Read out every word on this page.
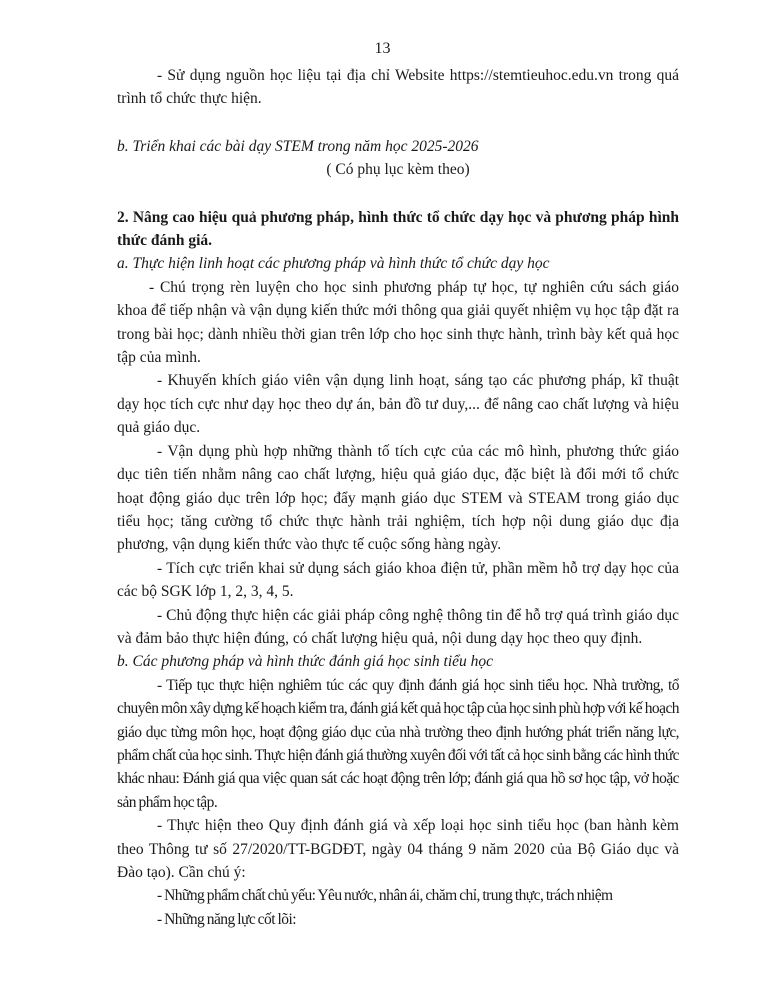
13

- Sử dụng nguồn học liệu tại địa chỉ Website https://stemtieuhoc.edu.vn trong quá trình tổ chức thực hiện.

b. Triển khai các bài dạy STEM trong năm học 2025-2026

( Có phụ lục kèm theo)

2. Nâng cao hiệu quả phương pháp, hình thức tổ chức dạy học và phương pháp hình thức đánh giá.

a. Thực hiện linh hoạt các phương pháp và hình thức tổ chức dạy học

- Chú trọng rèn luyện cho học sinh phương pháp tự học, tự nghiên cứu sách giáo khoa để tiếp nhận và vận dụng kiến thức mới thông qua giải quyết nhiệm vụ học tập đặt ra trong bài học; dành nhiều thời gian trên lớp cho học sinh thực hành, trình bày kết quả học tập của mình.

- Khuyến khích giáo viên vận dụng linh hoạt, sáng tạo các phương pháp, kĩ thuật dạy học tích cực như dạy học theo dự án, bản đồ tư duy,... để nâng cao chất lượng và hiệu quả giáo dục.

- Vận dụng phù hợp những thành tố tích cực của các mô hình, phương thức giáo dục tiên tiến nhằm nâng cao chất lượng, hiệu quả giáo dục, đặc biệt là đổi mới tổ chức hoạt động giáo dục trên lớp học; đẩy mạnh giáo dục STEM và STEAM trong giáo dục tiểu học; tăng cường tổ chức thực hành trải nghiệm, tích hợp nội dung giáo dục địa phương, vận dụng kiến thức vào thực tế cuộc sống hàng ngày.

- Tích cực triển khai sử dụng sách giáo khoa điện tử, phần mềm hỗ trợ dạy học của các bộ SGK lớp 1, 2, 3, 4, 5.

- Chủ động thực hiện các giải pháp công nghệ thông tin để hỗ trợ quá trình giáo dục và đảm bảo thực hiện đúng, có chất lượng hiệu quả, nội dung dạy học theo quy định.

b. Các phương pháp và hình thức đánh giá học sinh tiểu học

- Tiếp tục thực hiện nghiêm túc các quy định đánh giá học sinh tiểu học. Nhà trường, tổ chuyên môn xây dựng kế hoạch kiểm tra, đánh giá kết quả học tập của học sinh phù hợp với kế hoạch giáo dục từng môn học, hoạt động giáo dục của nhà trường theo định hướng phát triển năng lực, phẩm chất của học sinh. Thực hiện đánh giá thường xuyên đối với tất cả học sinh bằng các hình thức khác nhau: Đánh giá qua việc quan sát các hoạt động trên lớp; đánh giá qua hồ sơ học tập, vở hoặc sản phẩm học tập.

- Thực hiện theo Quy định đánh giá và xếp loại học sinh tiểu học (ban hành kèm theo Thông tư số 27/2020/TT-BGDĐT, ngày 04 tháng 9 năm 2020 của Bộ Giáo dục và Đào tạo). Cần chú ý:

- Những phẩm chất chủ yếu: Yêu nước, nhân ái, chăm chỉ, trung thực, trách nhiệm

- Những năng lực cốt lõi:
